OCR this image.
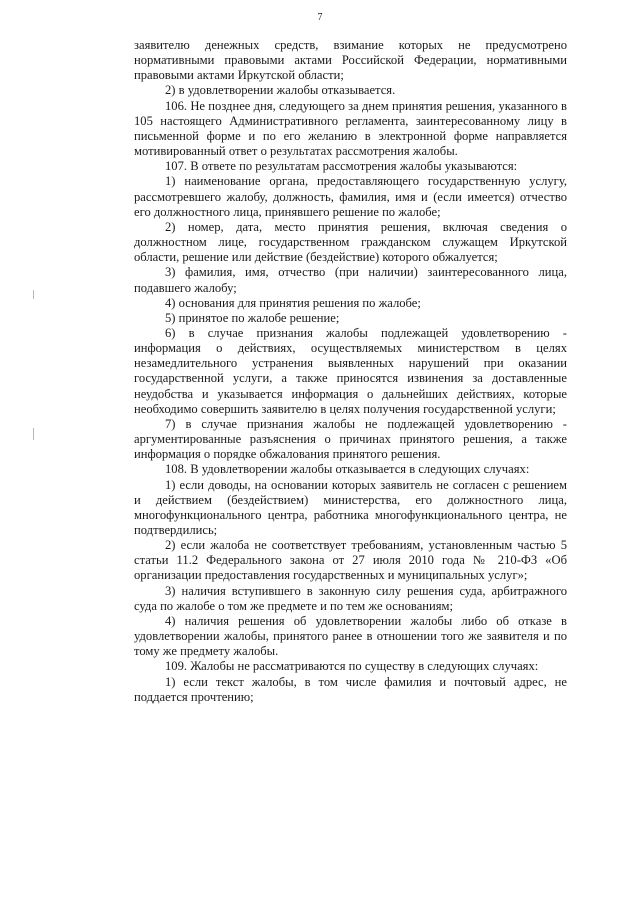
7

заявителю денежных средств, взимание которых не предусмотрено нормативными правовыми актами Российской Федерации, нормативными правовыми актами Иркутской области;

2) в удовлетворении жалобы отказывается.

106. Не позднее дня, следующего за днем принятия решения, указанного в 105 настоящего Административного регламента, заинтересованному лицу в письменной форме и по его желанию в электронной форме направляется мотивированный ответ о результатах рассмотрения жалобы.

107. В ответе по результатам рассмотрения жалобы указываются:

1) наименование органа, предоставляющего государственную услугу, рассмотревшего жалобу, должность, фамилия, имя и (если имеется) отчество его должностного лица, принявшего решение по жалобе;

2) номер, дата, место принятия решения, включая сведения о должностном лице, государственном гражданском служащем Иркутской области, решение или действие (бездействие) которого обжалуется;

3) фамилия, имя, отчество (при наличии) заинтересованного лица, подавшего жалобу;

4) основания для принятия решения по жалобе;

5) принятое по жалобе решение;

6) в случае признания жалобы подлежащей удовлетворению - информация о действиях, осуществляемых министерством в целях незамедлительного устранения выявленных нарушений при оказании государственной услуги, а также приносятся извинения за доставленные неудобства и указывается информация о дальнейших действиях, которые необходимо совершить заявителю в целях получения государственной услуги;

7) в случае признания жалобы не подлежащей удовлетворению - аргументированные разъяснения о причинах принятого решения, а также информация о порядке обжалования принятого решения.

108. В удовлетворении жалобы отказывается в следующих случаях:

1) если доводы, на основании которых заявитель не согласен с решением и действием (бездействием) министерства, его должностного лица, многофункционального центра, работника многофункционального центра, не подтвердились;

2) если жалоба не соответствует требованиям, установленным частью 5 статьи 11.2 Федерального закона от 27 июля 2010 года № 210-ФЗ «Об организации предоставления государственных и муниципальных услуг»;

3) наличия вступившего в законную силу решения суда, арбитражного суда по жалобе о том же предмете и по тем же основаниям;

4) наличия решения об удовлетворении жалобы либо об отказе в удовлетворении жалобы, принятого ранее в отношении того же заявителя и по тому же предмету жалобы.

109. Жалобы не рассматриваются по существу в следующих случаях:

1) если текст жалобы, в том числе фамилия и почтовый адрес, не поддается прочтению;
